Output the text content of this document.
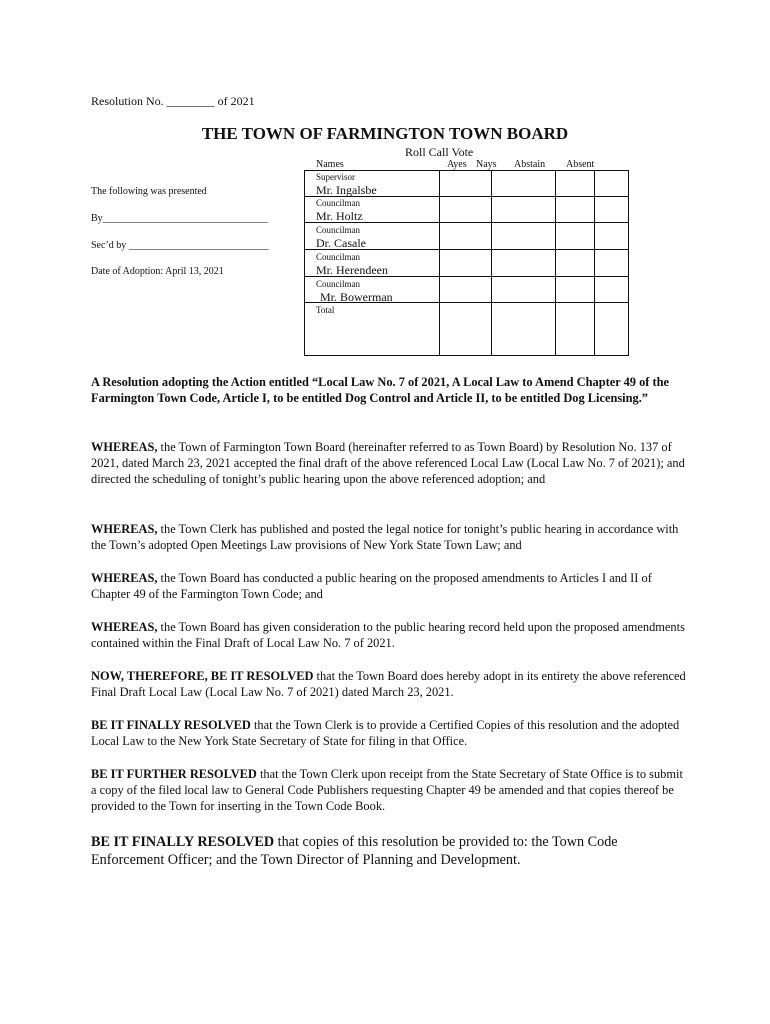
Resolution No. ________ of 2021
THE TOWN OF FARMINGTON TOWN BOARD
Roll Call Vote
The following was presented
By_________________________________
Sec’d by ____________________________
Date of Adoption: April 13, 2021
Names	Ayes Nays Abstain Absent
Supervisor
Mr. Ingalsbe
Councilman
Mr. Holtz
Councilman
Dr. Casale
Councilman
Mr. Herendeen
Councilman
Mr. Bowerman
Total
A Resolution adopting the Action entitled “Local Law No. 7 of 2021, A Local Law to Amend Chapter 49 of the Farmington Town Code, Article I, to be entitled Dog Control and Article II, to be entitled Dog Licensing.”
WHEREAS, the Town of Farmington Town Board (hereinafter referred to as Town Board) by Resolution No. 137 of 2021, dated March 23, 2021 accepted the final draft of the above referenced Local Law (Local Law No. 7 of 2021); and directed the scheduling of tonight’s public hearing upon the above referenced adoption; and
WHEREAS, the Town Clerk has published and posted the legal notice for tonight’s public hearing in accordance with the Town’s adopted Open Meetings Law provisions of New York State Town Law; and
WHEREAS, the Town Board has conducted a public hearing on the proposed amendments to Articles I and II of Chapter 49 of the Farmington Town Code; and
WHEREAS, the Town Board has given consideration to the public hearing record held upon the proposed amendments contained within the Final Draft of Local Law No. 7 of 2021.
NOW, THEREFORE, BE IT RESOLVED that the Town Board does hereby adopt in its entirety the above referenced Final Draft Local Law (Local Law No. 7 of 2021) dated March 23, 2021.
BE IT FINALLY RESOLVED that the Town Clerk is to provide a Certified Copies of this resolution and the adopted Local Law to the New York State Secretary of State for filing in that Office.
BE IT FURTHER RESOLVED that the Town Clerk upon receipt from the State Secretary of State Office is to submit a copy of the filed local law to General Code Publishers requesting Chapter 49 be amended and that copies thereof be provided to the Town for inserting in the Town Code Book.
BE IT FINALLY RESOLVED that copies of this resolution be provided to: the Town Code Enforcement Officer; and the Town Director of Planning and Development.
